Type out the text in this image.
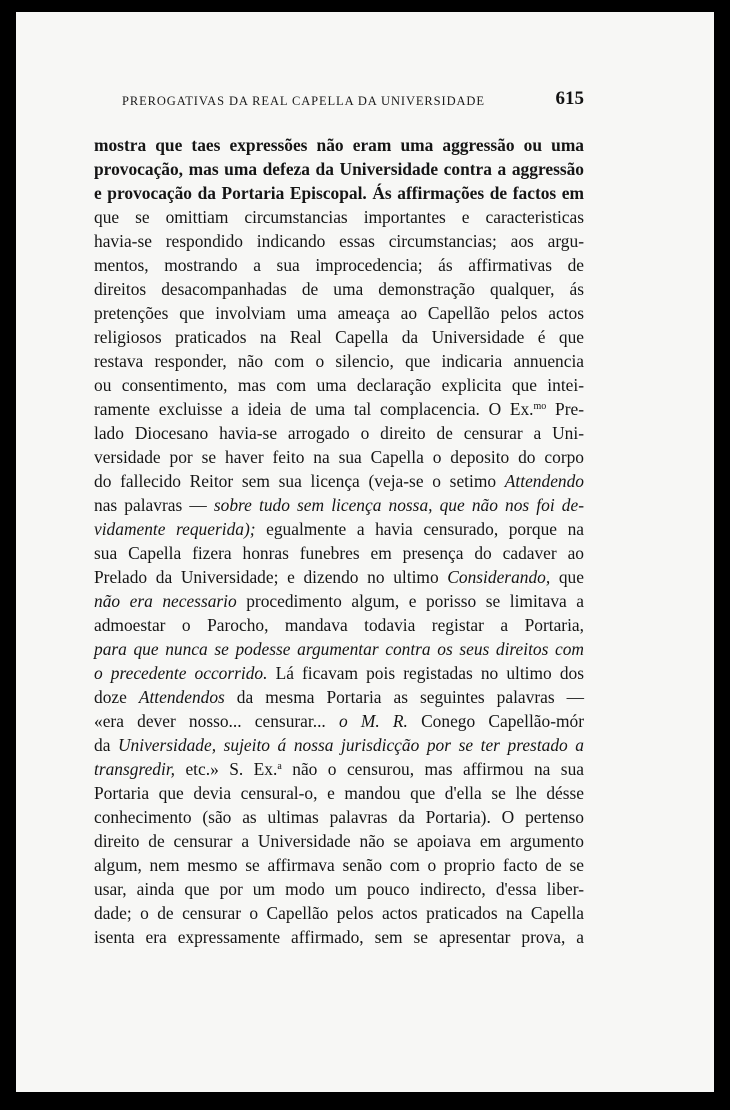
PREROGATIVAS DA REAL CAPELLA DA UNIVERSIDADE	615
mostra que taes expressões não eram uma aggressão ou uma
provocação, mas uma defeza da Universidade contra a aggressão
e provocação da Portaria Episcopal. Ás affirmações de factos em
que se omittiam circumstancias importantes e caracteristicas
havia-se respondido indicando essas circumstancias; aos argu-
mentos, mostrando a sua improcedencia; ás affirmativas de
direitos desacompanhadas de uma demonstração qualquer, ás
pretenções que involviam uma ameaça ao Capellão pelos actos
religiosos praticados na Real Capella da Universidade é que
restava responder, não com o silencio, que indicaria annuencia
ou consentimento, mas com uma declaração explicita que intei-
ramente excluisse a ideia de uma tal complacencia. O Ex.$^{mo}$ Pre-
lado Diocesano havia-se arrogado o direito de censurar a Uni-
versidade por se haver feito na sua Capella o deposito do corpo
do fallecido Reitor sem sua licença (veja-se o setimo Attendendo
nas palavras — sobre tudo sem licença nossa, que não nos foi de-
vidamente requerida); egualmente a havia censurado, porque na
sua Capella fizera honras funebres em presença do cadaver ao
Prelado da Universidade; e dizendo no ultimo Considerando, que
não era necessario procedimento algum, e porisso se limitava a
admoestar o Parocho, mandava todavia registar a Portaria,
para que nunca se podesse argumentar contra os seus direitos com
o precedente occorrido. Lá ficavam pois registadas no ultimo dos
doze Attendendos da mesma Portaria as seguintes palavras —
«era dever nosso... censurar... o M. R. Conego Capellão-mór
da Universidade, sujeito á nossa jurisdicção por se ter prestado a
transgredir, etc.» S. Ex.$^a$ não o censurou, mas affirmou na sua
Portaria que devia censural-o, e mandou que d'ella se lhe désse
conhecimento (são as ultimas palavras da Portaria). O pertenso
direito de censurar a Universidade não se apoiava em argumento
algum, nem mesmo se affirmava senão com o proprio facto de se
usar, ainda que por um modo um pouco indirecto, d'essa liber-
dade; o de censurar o Capellão pelos actos praticados na Capella
isenta era expressamente affirmado, sem se apresentar prova, a
